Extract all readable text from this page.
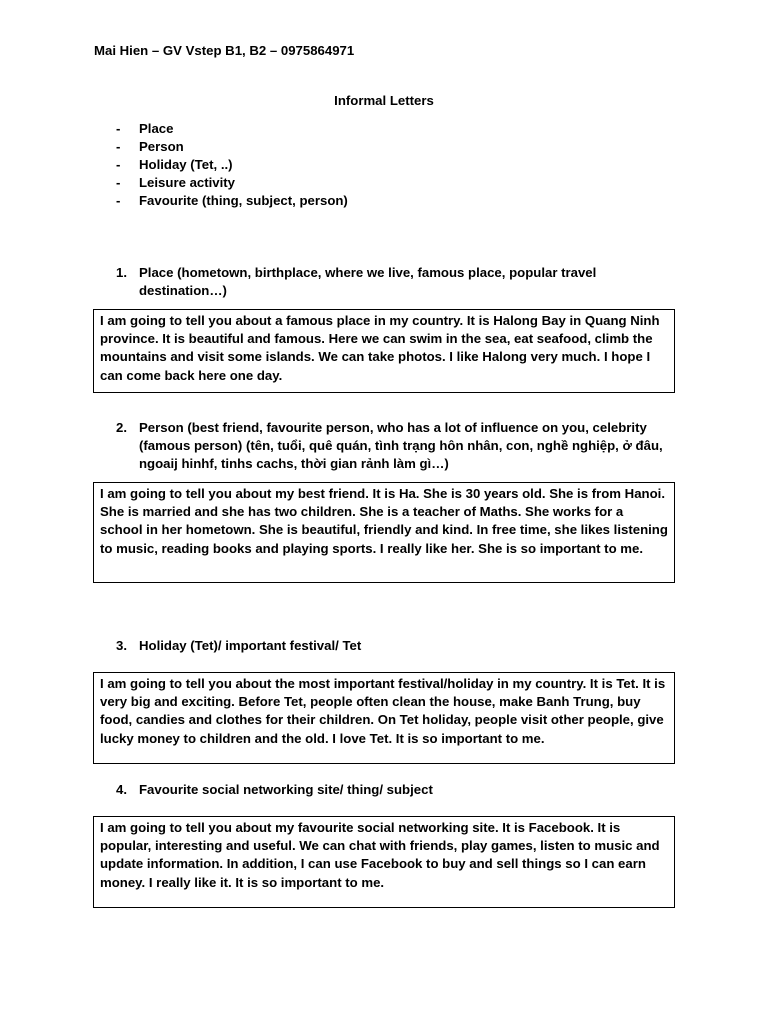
Mai Hien – GV Vstep B1, B2 – 0975864971
Informal Letters
- Place
- Person
- Holiday (Tet, ..)
- Leisure activity
- Favourite (thing, subject, person)
1. Place (hometown, birthplace, where we live, famous place, popular travel destination…)
I am going to tell you about a famous place in my country. It is Halong Bay in Quang Ninh province. It is beautiful and famous. Here we can swim in the sea, eat seafood, climb the mountains and visit some islands. We can take photos. I like Halong very much. I hope I can come back here one day.
2. Person (best friend, favourite person, who has a lot of influence on you, celebrity (famous person) (tên, tuổi, quê quán, tình trạng hôn nhân, con, nghề nghiệp, ở đâu, ngoaij hinhf, tinhs cachs, thời gian rảnh làm gì…)
I am going to tell you about my best friend. It is Ha. She is 30 years old. She is from Hanoi. She is married and she has two children. She is a teacher of Maths. She works for a school in her hometown. She is beautiful, friendly and kind. In free time, she likes listening to music, reading books and playing sports. I really like her. She is so important to me.
3. Holiday (Tet)/ important festival/ Tet
I am going to tell you about the most important festival/holiday in my country. It is Tet. It is very big and exciting. Before Tet, people often clean the house, make Banh Trung, buy food, candies and clothes for their children. On Tet holiday, people visit other people, give lucky money to children and the old. I love Tet. It is so important to me.
4. Favourite social networking site/ thing/ subject
I am going to tell you about my favourite social networking site. It is Facebook. It is popular, interesting and useful. We can chat with friends, play games, listen to music and update information. In addition, I can use Facebook to buy and sell things so I can earn money. I really like it. It is so important to me.
